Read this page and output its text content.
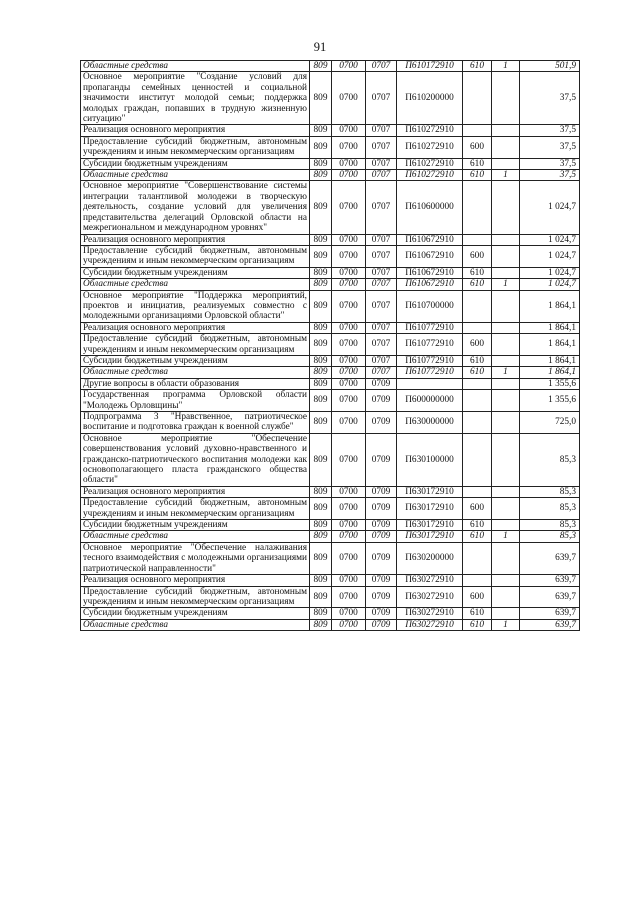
91
Областные средства	809	0700	0707	П610172910	610	1	501,9
Основное мероприятие "Создание условий для пропаганды семейных ценностей и социальной значимости институт молодой семьи; поддержка молодых граждан, попавших в трудную жизненную ситуацию"	809	0700	0707	П610200000			37,5
Реализация основного мероприятия	809	0700	0707	П610272910			37,5
Предоставление субсидий бюджетным, автономным учреждениям и иным некоммерческим организациям	809	0700	0707	П610272910	600		37,5
Субсидии бюджетным учреждениям	809	0700	0707	П610272910	610		37,5
Областные средства	809	0700	0707	П610272910	610	1	37,5
Основное мероприятие "Совершенствование системы интеграции талантливой молодежи в творческую деятельность, создание условий для увеличения представительства делегаций Орловской области на межрегиональном и международном уровнях"	809	0700	0707	П610600000			1 024,7
Реализация основного мероприятия	809	0700	0707	П610672910			1 024,7
Предоставление субсидий бюджетным, автономным учреждениям и иным некоммерческим организациям	809	0700	0707	П610672910	600		1 024,7
Субсидии бюджетным учреждениям	809	0700	0707	П610672910	610		1 024,7
Областные средства	809	0700	0707	П610672910	610	1	1 024,7
Основное мероприятие "Поддержка мероприятий, проектов и инициатив, реализуемых совместно с молодежными организациями Орловской области"	809	0700	0707	П610700000			1 864,1
Реализация основного мероприятия	809	0700	0707	П610772910			1 864,1
Предоставление субсидий бюджетным, автономным учреждениям и иным некоммерческим организациям	809	0700	0707	П610772910	600		1 864,1
Субсидии бюджетным учреждениям	809	0700	0707	П610772910	610		1 864,1
Областные средства	809	0700	0707	П610772910	610	1	1 864,1
Другие вопросы в области образования	809	0700	0709				1 355,6
Государственная программа Орловской области "Молодежь Орловщины"	809	0700	0709	П600000000			1 355,6
Подпрограмма 3 "Нравственное, патриотическое воспитание и подготовка граждан к военной службе"	809	0700	0709	П630000000			725,0
Основное мероприятие "Обеспечение совершенствования условий духовно-нравственного и гражданско-патриотического воспитания молодежи как основополагающего пласта гражданского общества области"	809	0700	0709	П630100000			85,3
Реализация основного мероприятия	809	0700	0709	П630172910			85,3
Предоставление субсидий бюджетным, автономным учреждениям и иным некоммерческим организациям	809	0700	0709	П630172910	600		85,3
Субсидии бюджетным учреждениям	809	0700	0709	П630172910	610		85,3
Областные средства	809	0700	0709	П630172910	610	1	85,3
Основное мероприятие "Обеспечение налаживания тесного взаимодействия с молодежными организациями патриотической направленности"	809	0700	0709	П630200000			639,7
Реализация основного мероприятия	809	0700	0709	П630272910			639,7
Предоставление субсидий бюджетным, автономным учреждениям и иным некоммерческим организациям	809	0700	0709	П630272910	600		639,7
Субсидии бюджетным учреждениям	809	0700	0709	П630272910	610		639,7
Областные средства	809	0700	0709	П630272910	610	1	639,7
